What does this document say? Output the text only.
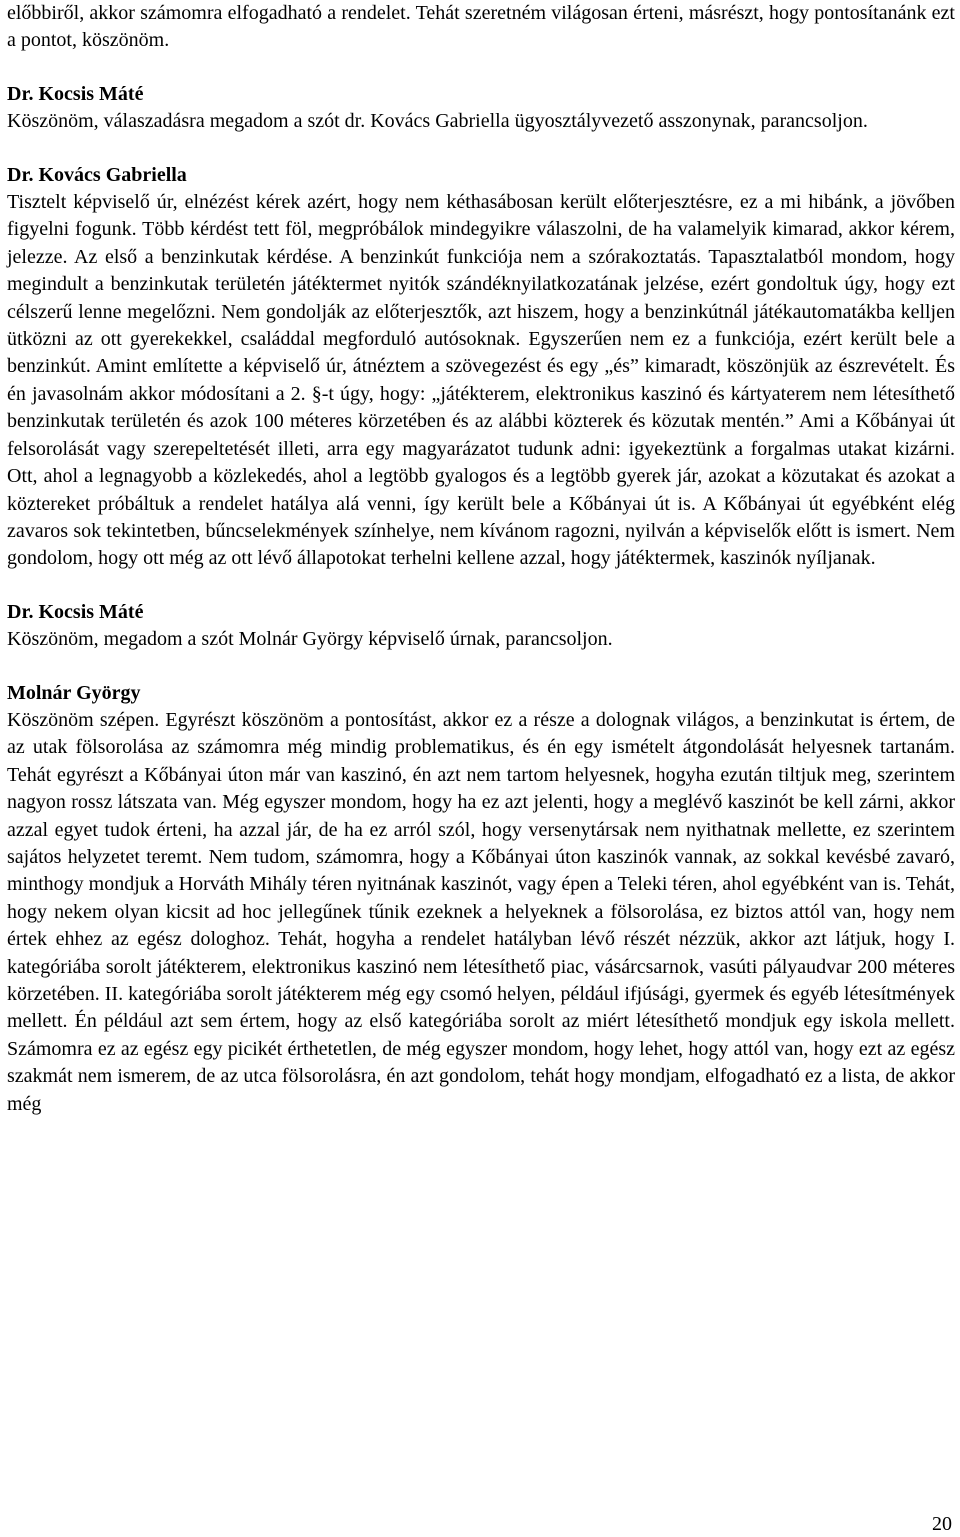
előbbiről, akkor számomra elfogadható a rendelet. Tehát szeretném világosan érteni, másrészt, hogy pontosítanánk ezt a pontot, köszönöm.

Dr. Kocsis Máté

Köszönöm, válaszadásra megadom a szót dr. Kovács Gabriella ügyosztályvezető asszonynak, parancsoljon.

Dr. Kovács Gabriella

Tisztelt képviselő úr, elnézést kérek azért, hogy nem kéthasábosan került előterjesztésre, ez a mi hibánk, a jövőben figyelni fogunk. Több kérdést tett föl, megpróbálok mindegyikre válaszolni, de ha valamelyik kimarad, akkor kérem, jelezze. Az első a benzinkutak kérdése. A benzinkút funkciója nem a szórakoztatás. Tapasztalatból mondom, hogy megindult a benzinkutak területén játéktermet nyitók szándéknyilatkozatának jelzése, ezért gondoltuk úgy, hogy ezt célszerű lenne megelőzni. Nem gondolják az előterjesztők, azt hiszem, hogy a benzinkútnál játékautomatákba kelljen ütközni az ott gyerekekkel, családdal megforduló autósoknak. Egyszerűen nem ez a funkciója, ezért került bele a benzinkút. Amint említette a képviselő úr, átnéztem a szövegezést és egy „és” kimaradt, köszönjük az észrevételt. És én javasolnám akkor módosítani a 2. §-t úgy, hogy: „játékterem, elektronikus kaszinó és kártyaterem nem létesíthető benzinkutak területén és azok 100 méteres körzetében és az alábbi közterek és közutak mentén.” Ami a Kőbányai út felsorolását vagy szerepeltetését illeti, arra egy magyarázatot tudunk adni: igyekeztünk a forgalmas utakat kizárni. Ott, ahol a legnagyobb a közlekedés, ahol a legtöbb gyalogos és a legtöbb gyerek jár, azokat a közutakat és azokat a köztereket próbáltuk a rendelet hatálya alá venni, így került bele a Kőbányai út is. A Kőbányai út egyébként elég zavaros sok tekintetben, bűncselekmények színhelye, nem kívánom ragozni, nyilván a képviselők előtt is ismert. Nem gondolom, hogy ott még az ott lévő állapotokat terhelni kellene azzal, hogy játéktermek, kaszinók nyíljanak.

Dr. Kocsis Máté

Köszönöm, megadom a szót Molnár György képviselő úrnak, parancsoljon.

Molnár György

Köszönöm szépen. Egyrészt köszönöm a pontosítást, akkor ez a része a dolognak világos, a benzinkutat is értem, de az utak fölsorolása az számomra még mindig problematikus, és én egy ismételt átgondolását helyesnek tartanám. Tehát egyrészt a Kőbányai úton már van kaszinó, én azt nem tartom helyesnek, hogyha ezután tiltjuk meg, szerintem nagyon rossz látszata van. Még egyszer mondom, hogy ha ez azt jelenti, hogy a meglévő kaszinót be kell zárni, akkor azzal egyet tudok érteni, ha azzal jár, de ha ez arról szól, hogy versenytársak nem nyithatnak mellette, ez szerintem sajátos helyzetet teremt. Nem tudom, számomra, hogy a Kőbányai úton kaszinók vannak, az sokkal kevésbé zavaró, minthogy mondjuk a Horváth Mihály téren nyitnának kaszinót, vagy épen a Teleki téren, ahol egyébként van is. Tehát, hogy nekem olyan kicsit ad hoc jellegűnek tűnik ezeknek a helyeknek a fölsorolása, ez biztos attól van, hogy nem értek ehhez az egész dologhoz. Tehát, hogyha a rendelet hatályban lévő részét nézzük, akkor azt látjuk, hogy I. kategóriába sorolt játékterem, elektronikus kaszinó nem létesíthető piac, vásárcsarnok, vasúti pályaudvar 200 méteres körzetében. II. kategóriába sorolt játékterem még egy csomó helyen, például ifjúsági, gyermek és egyéb létesítmények mellett. Én például azt sem értem, hogy az első kategóriába sorolt az miért létesíthető mondjuk egy iskola mellett. Számomra ez az egész egy picikét érthetetlen, de még egyszer mondom, hogy lehet, hogy attól van, hogy ezt az egész szakmát nem ismerem, de az utca fölsorolásra, én azt gondolom, tehát hogy mondjam, elfogadható ez a lista, de akkor még

20
